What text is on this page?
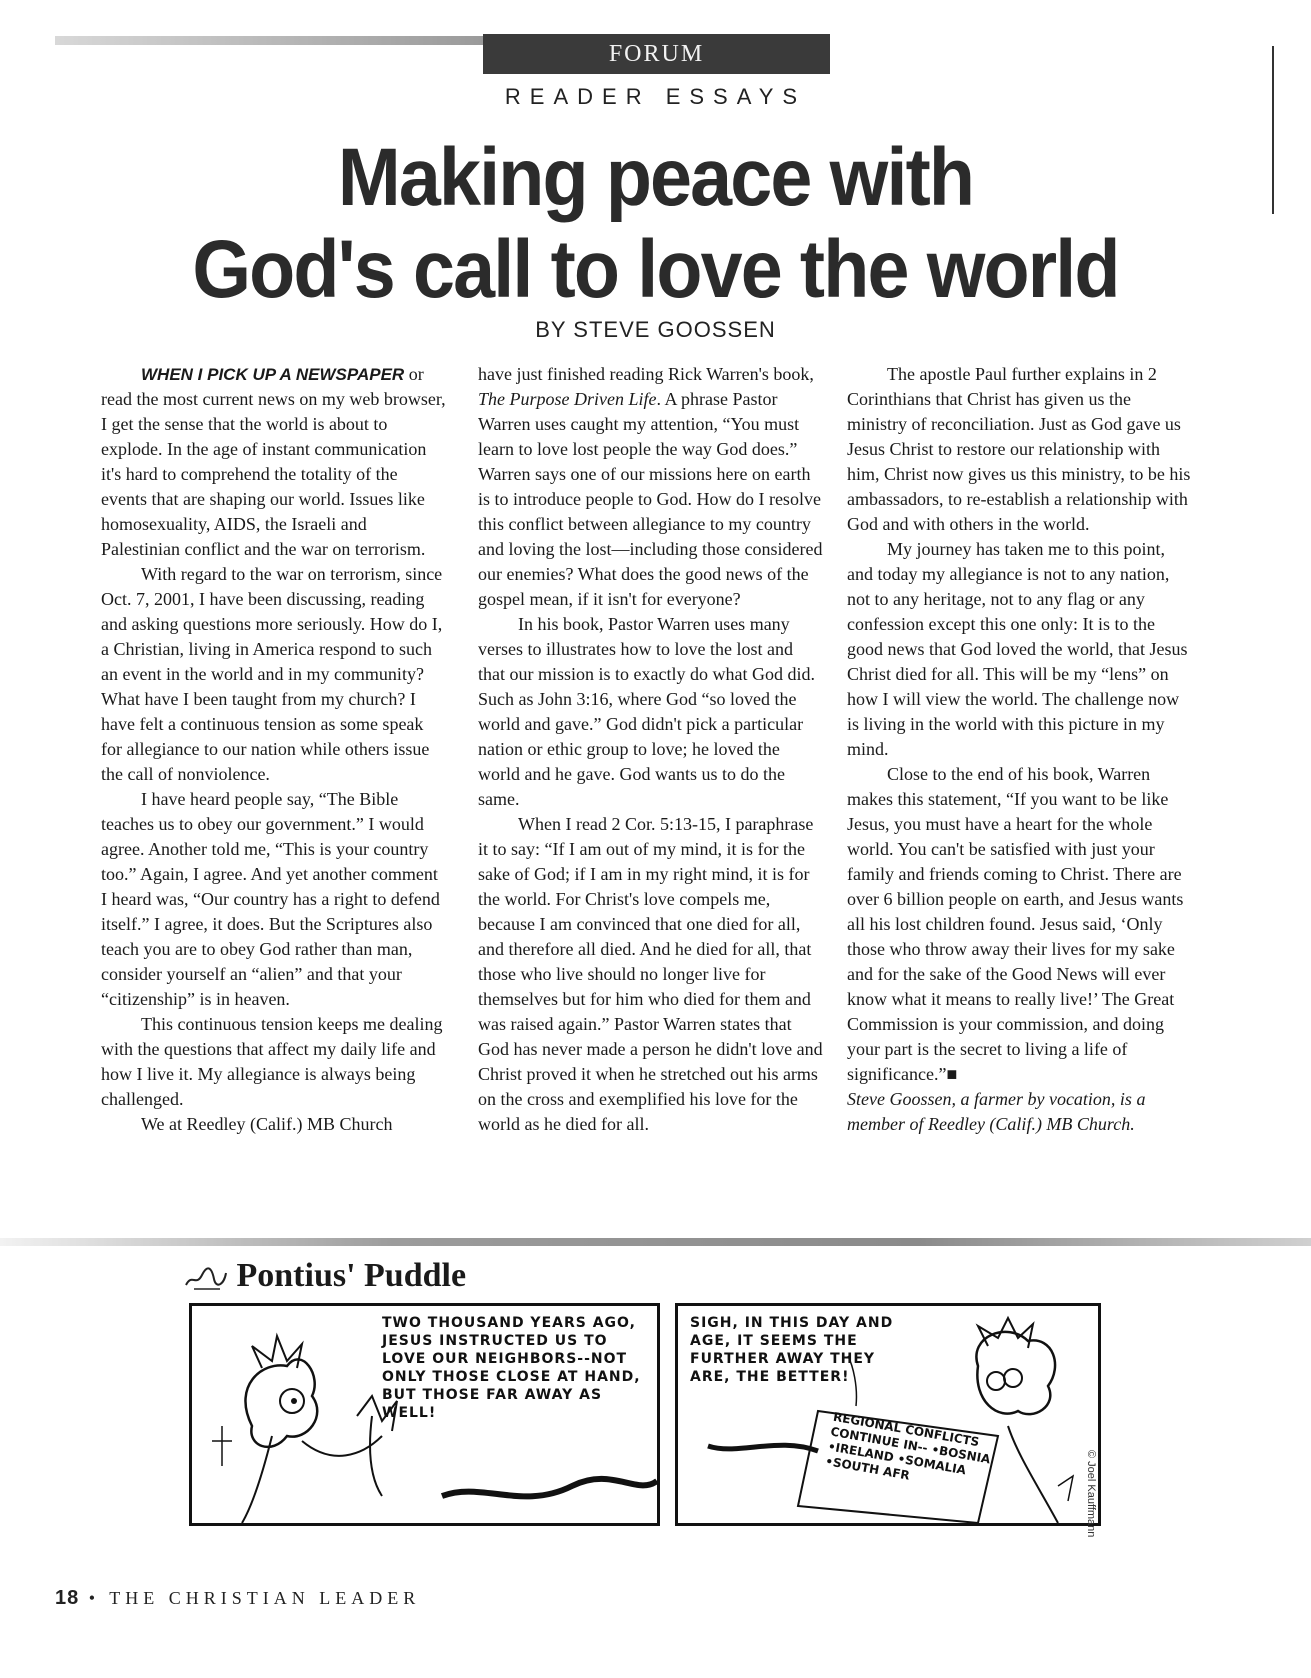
FORUM
READER ESSAYS
Making peace with
God's call to love the world
BY STEVE GOOSSEN

WHEN I PICK UP A NEWSPAPER or read the most current news on my web browser, I get the sense that the world is about to explode. In the age of instant communication it's hard to comprehend the totality of the events that are shaping our world. Issues like homosexuality, AIDS, the Israeli and Palestinian conflict and the war on terrorism.

With regard to the war on terrorism, since Oct. 7, 2001, I have been discussing, reading and asking questions more seriously. How do I, a Christian, living in America respond to such an event in the world and in my community? What have I been taught from my church? I have felt a continuous tension as some speak for allegiance to our nation while others issue the call of nonviolence.

I have heard people say, “The Bible teaches us to obey our government.” I would agree. Another told me, “This is your country too.” Again, I agree. And yet another comment I heard was, “Our country has a right to defend itself.” I agree, it does. But the Scriptures also teach you are to obey God rather than man, consider yourself an “alien” and that your “citizenship” is in heaven.

This continuous tension keeps me dealing with the questions that affect my daily life and how I live it. My allegiance is always being challenged.

We at Reedley (Calif.) MB Church

have just finished reading Rick Warren's book, The Purpose Driven Life. A phrase Pastor Warren uses caught my attention, “You must learn to love lost people the way God does.” Warren says one of our missions here on earth is to introduce people to God. How do I resolve this conflict between allegiance to my country and loving the lost—including those considered our enemies? What does the good news of the gospel mean, if it isn't for everyone?

In his book, Pastor Warren uses many verses to illustrates how to love the lost and that our mission is to exactly do what God did. Such as John 3:16, where God “so loved the world and gave.” God didn't pick a particular nation or ethic group to love; he loved the world and he gave. God wants us to do the same.

When I read 2 Cor. 5:13-15, I paraphrase it to say: “If I am out of my mind, it is for the sake of God; if I am in my right mind, it is for the world. For Christ's love compels me, because I am convinced that one died for all, and therefore all died. And he died for all, that those who live should no longer live for themselves but for him who died for them and was raised again.” Pastor Warren states that God has never made a person he didn't love and Christ proved it when he stretched out his arms on the cross and exemplified his love for the world as he died for all.

The apostle Paul further explains in 2 Corinthians that Christ has given us the ministry of reconciliation. Just as God gave us Jesus Christ to restore our relationship with him, Christ now gives us this ministry, to be his ambassadors, to re-establish a relationship with God and with others in the world.

My journey has taken me to this point, and today my allegiance is not to any nation, not to any heritage, not to any flag or any confession except this one only: It is to the good news that God loved the world, that Jesus Christ died for all. This will be my “lens” on how I will view the world. The challenge now is living in the world with this picture in my mind.

Close to the end of his book, Warren makes this statement, “If you want to be like Jesus, you must have a heart for the whole world. You can't be satisfied with just your family and friends coming to Christ. There are over 6 billion people on earth, and Jesus wants all his lost children found. Jesus said, ‘Only those who throw away their lives for my sake and for the sake of the Good News will ever know what it means to really live!’ The Great Commission is your commission, and doing your part is the secret to living a life of significance.”■

Steve Goossen, a farmer by vocation, is a member of Reedley (Calif.) MB Church.

Pontius' Puddle
TWO THOUSAND YEARS AGO, JESUS INSTRUCTED US TO LOVE OUR NEIGHBORS--NOT ONLY THOSE CLOSE AT HAND, BUT THOSE FAR AWAY AS WELL!
SIGH, IN THIS DAY AND AGE, IT SEEMS THE FURTHER AWAY THEY ARE, THE BETTER!
REGIONAL CONFLICTS CONTINUE IN-- •BOSNIA •IRELAND •SOMALIA •SOUTH AFR	© Joel Kauffmann
18 • THE CHRISTIAN LEADER
